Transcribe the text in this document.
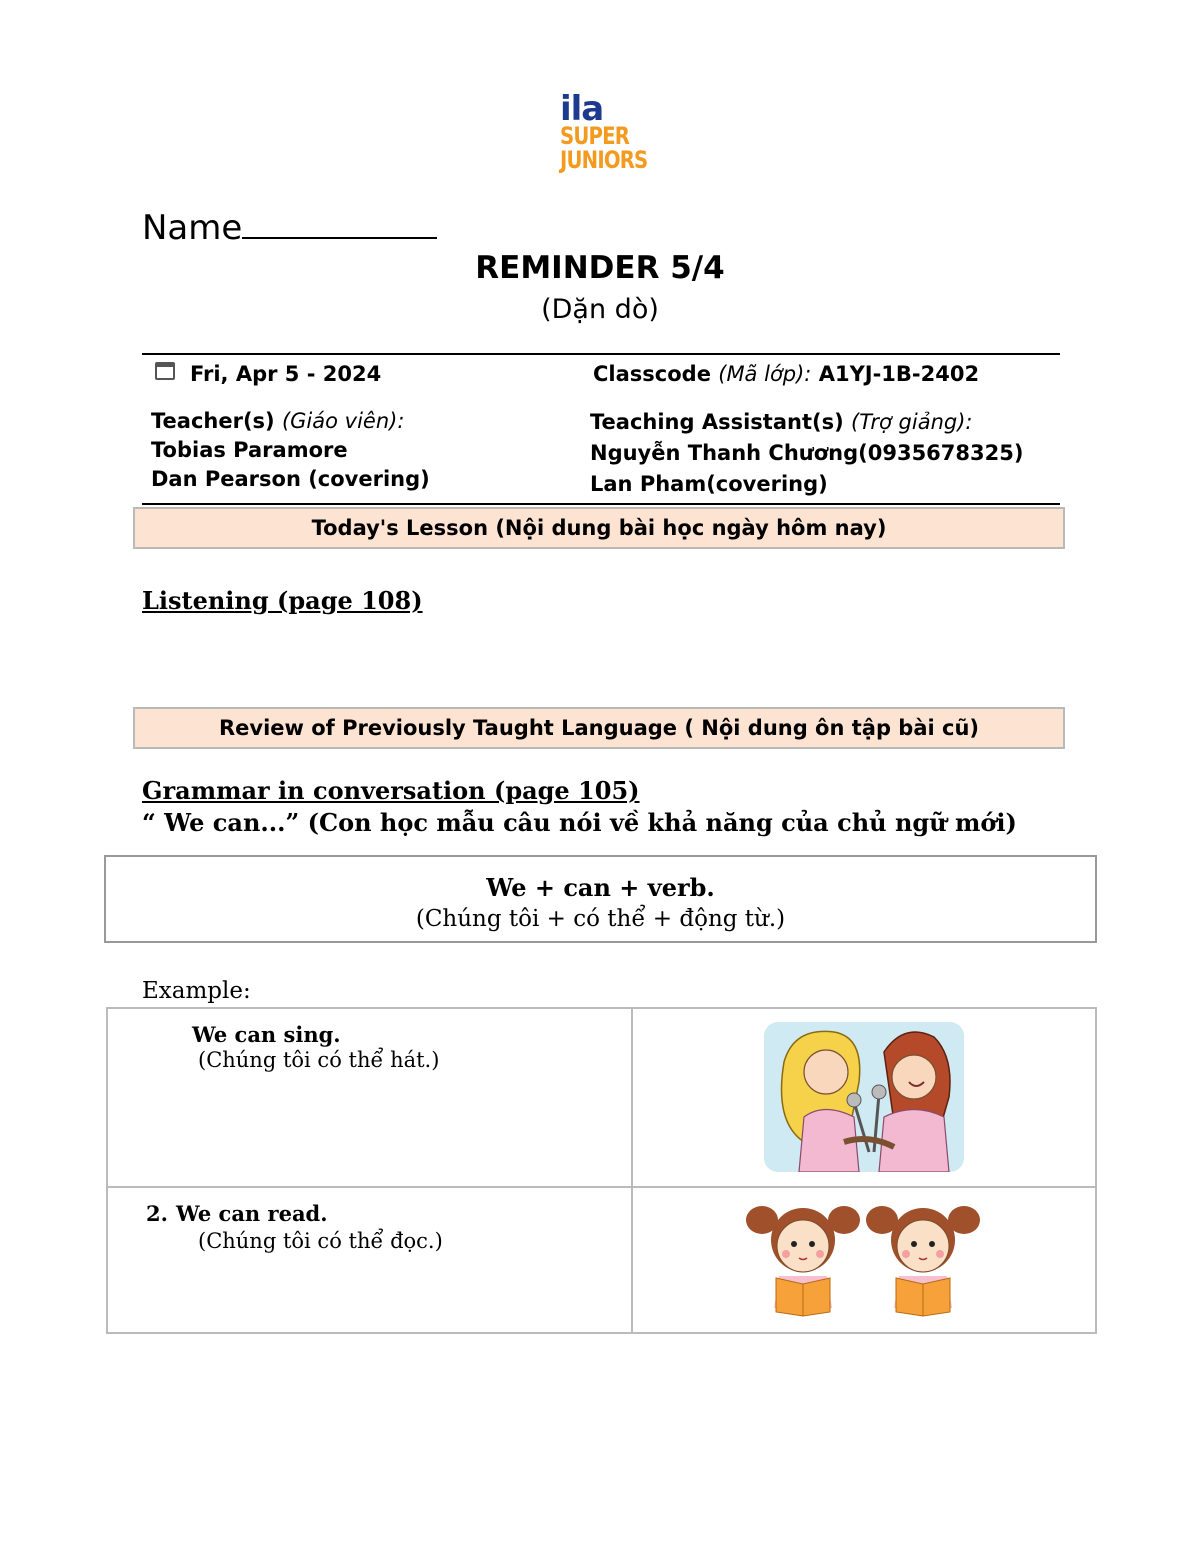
ila
SUPER
JUNIORS
Name
REMINDER 5/4
(Dặn dò)
Fri, Apr 5 - 2024	Classcode (Mã lớp): A1YJ-1B-2402
Teacher(s) (Giáo viên):
Tobias Paramore
Dan Pearson (covering)
Teaching Assistant(s) (Trợ giảng):
Nguyễn Thanh Chương(0935678325)
Lan Pham(covering)
Today's Lesson (Nội dung bài học ngày hôm nay)
Listening (page 108)
Review of Previously Taught Language ( Nội dung ôn tập bài cũ)
Grammar in conversation (page 105)
“ We can...” (Con học mẫu câu nói về khả năng của chủ ngữ mới)
We + can + verb.
(Chúng tôi + có thể + động từ.)
Example:
We can sing.
(Chúng tôi có thể hát.)
2. We can read.
(Chúng tôi có thể đọc.)
